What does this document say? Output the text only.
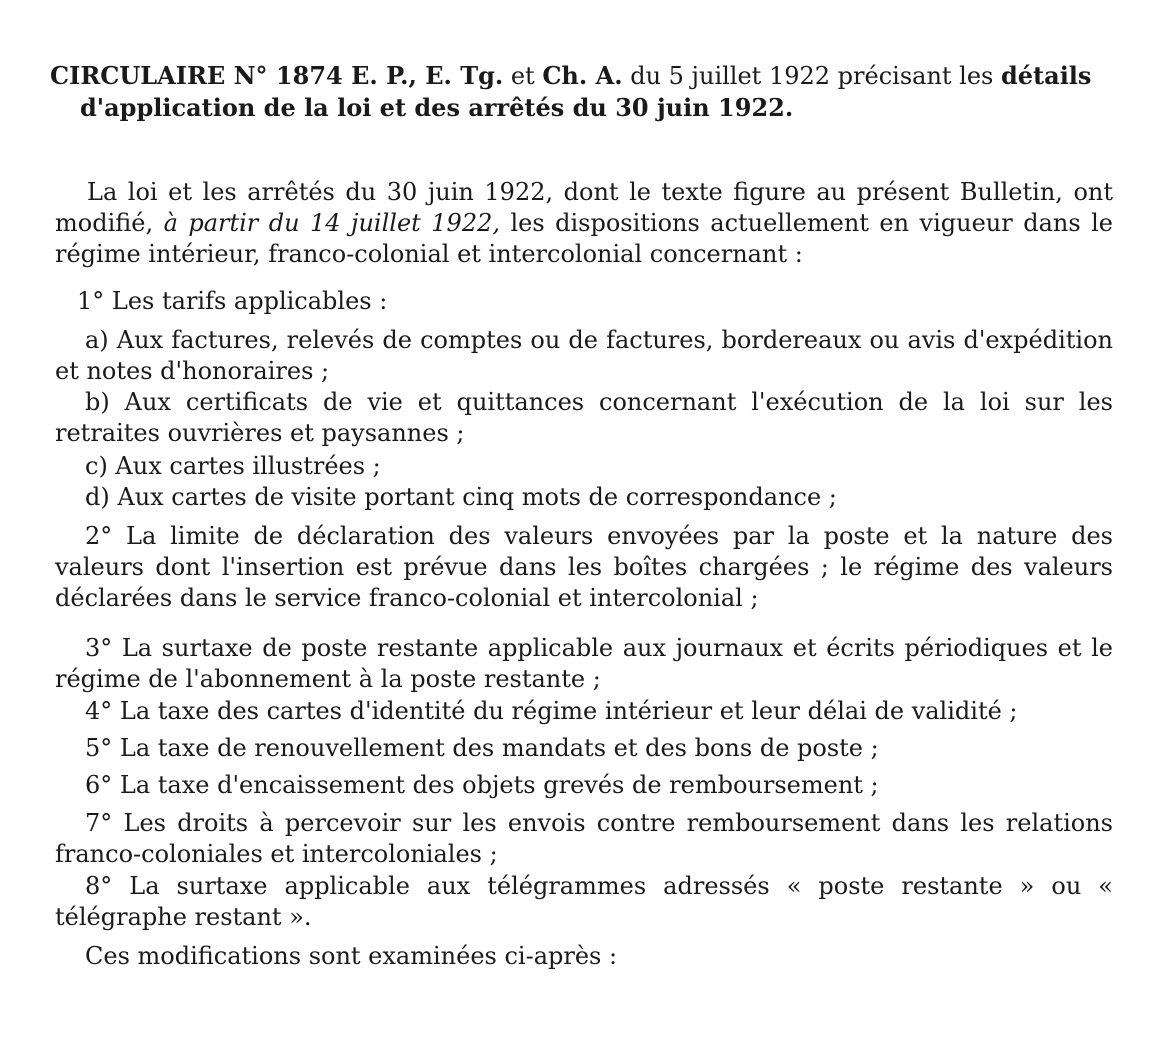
CIRCULAIRE N° 1874 E. P., E. Tg. et Ch. A. du 5 juillet 1922 précisant les détails d'application de la loi et des arrêtés du 30 juin 1922.

La loi et les arrêtés du 30 juin 1922, dont le texte figure au présent Bulletin, ont modifié, à partir du 14 juillet 1922, les dispositions actuellement en vigueur dans le régime intérieur, franco-colonial et intercolonial concernant :

1° Les tarifs applicables :

a) Aux factures, relevés de comptes ou de factures, bordereaux ou avis d'expédition et notes d'honoraires ;

b) Aux certificats de vie et quittances concernant l'exécution de la loi sur les retraites ouvrières et paysannes ;

c) Aux cartes illustrées ;

d) Aux cartes de visite portant cinq mots de correspondance ;

2° La limite de déclaration des valeurs envoyées par la poste et la nature des valeurs dont l'insertion est prévue dans les boîtes chargées ; le régime des valeurs déclarées dans le service franco-colonial et intercolonial ;

3° La surtaxe de poste restante applicable aux journaux et écrits périodiques et le régime de l'abonnement à la poste restante ;

4° La taxe des cartes d'identité du régime intérieur et leur délai de validité ;

5° La taxe de renouvellement des mandats et des bons de poste ;

6° La taxe d'encaissement des objets grevés de remboursement ;

7° Les droits à percevoir sur les envois contre remboursement dans les relations franco-coloniales et intercoloniales ;

8° La surtaxe applicable aux télégrammes adressés « poste restante » ou « télégraphe restant ».

Ces modifications sont examinées ci-après :
